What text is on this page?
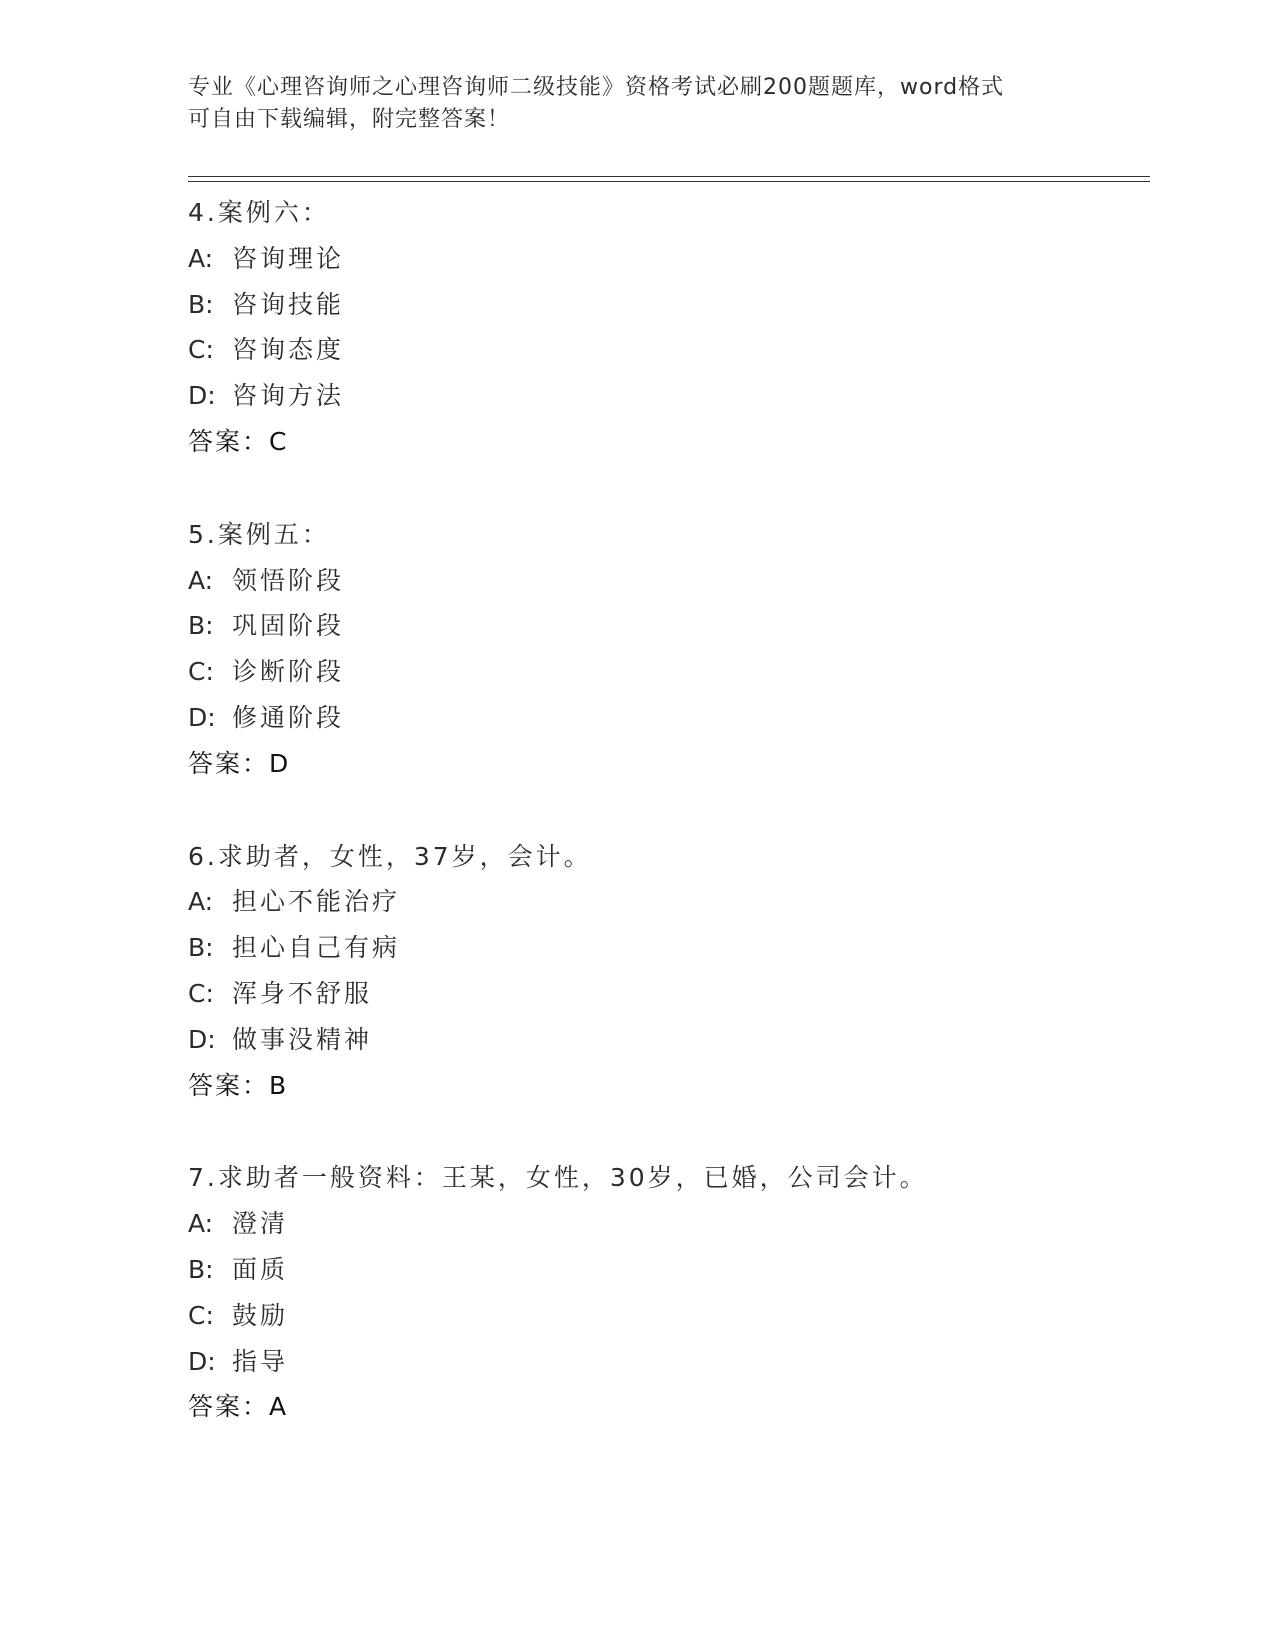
专业《心理咨询师之心理咨询师二级技能》资格考试必刷200题题库，word格式
可自由下载编辑，附完整答案！
4.案例六：
A: 咨询理论
B: 咨询技能
C: 咨询态度
D: 咨询方法
答案：C
5.案例五：
A: 领悟阶段
B: 巩固阶段
C: 诊断阶段
D: 修通阶段
答案：D
6.求助者，女性，37岁，会计。
A: 担心不能治疗
B: 担心自己有病
C: 浑身不舒服
D: 做事没精神
答案：B
7.求助者一般资料：王某，女性，30岁，已婚，公司会计。
A: 澄清
B: 面质
C: 鼓励
D: 指导
答案：A
